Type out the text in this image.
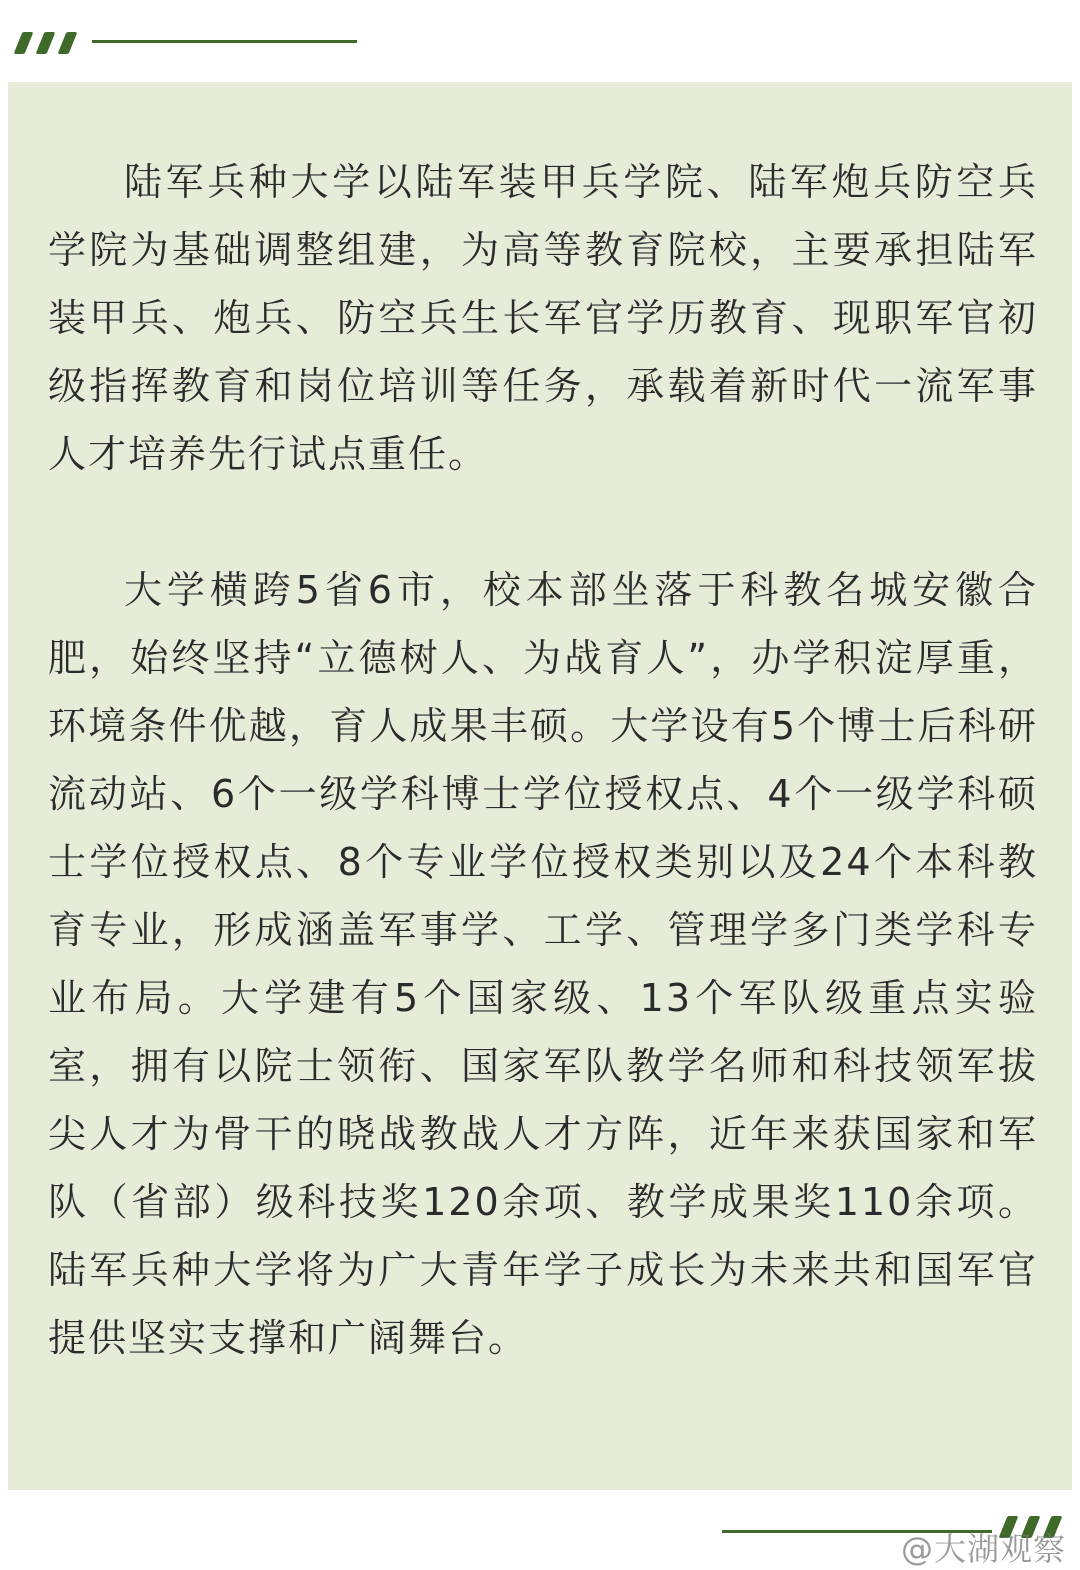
陆军兵种大学以陆军装甲兵学院、陆军炮兵防空兵学院为基础调整组建，为高等教育院校，主要承担陆军装甲兵、炮兵、防空兵生长军官学历教育、现职军官初级指挥教育和岗位培训等任务，承载着新时代一流军事人才培养先行试点重任。

大学横跨5省6市，校本部坐落于科教名城安徽合肥，始终坚持“立德树人、为战育人”，办学积淀厚重，环境条件优越，育人成果丰硕。大学设有5个博士后科研流动站、6个一级学科博士学位授权点、4个一级学科硕士学位授权点、8个专业学位授权类别以及24个本科教育专业，形成涵盖军事学、工学、管理学多门类学科专业布局。大学建有5个国家级、13个军队级重点实验室，拥有以院士领衔、国家军队教学名师和科技领军拔尖人才为骨干的晓战教战人才方阵，近年来获国家和军队（省部）级科技奖120余项、教学成果奖110余项。陆军兵种大学将为广大青年学子成长为未来共和国军官提供坚实支撑和广阔舞台。

@大湖观察
